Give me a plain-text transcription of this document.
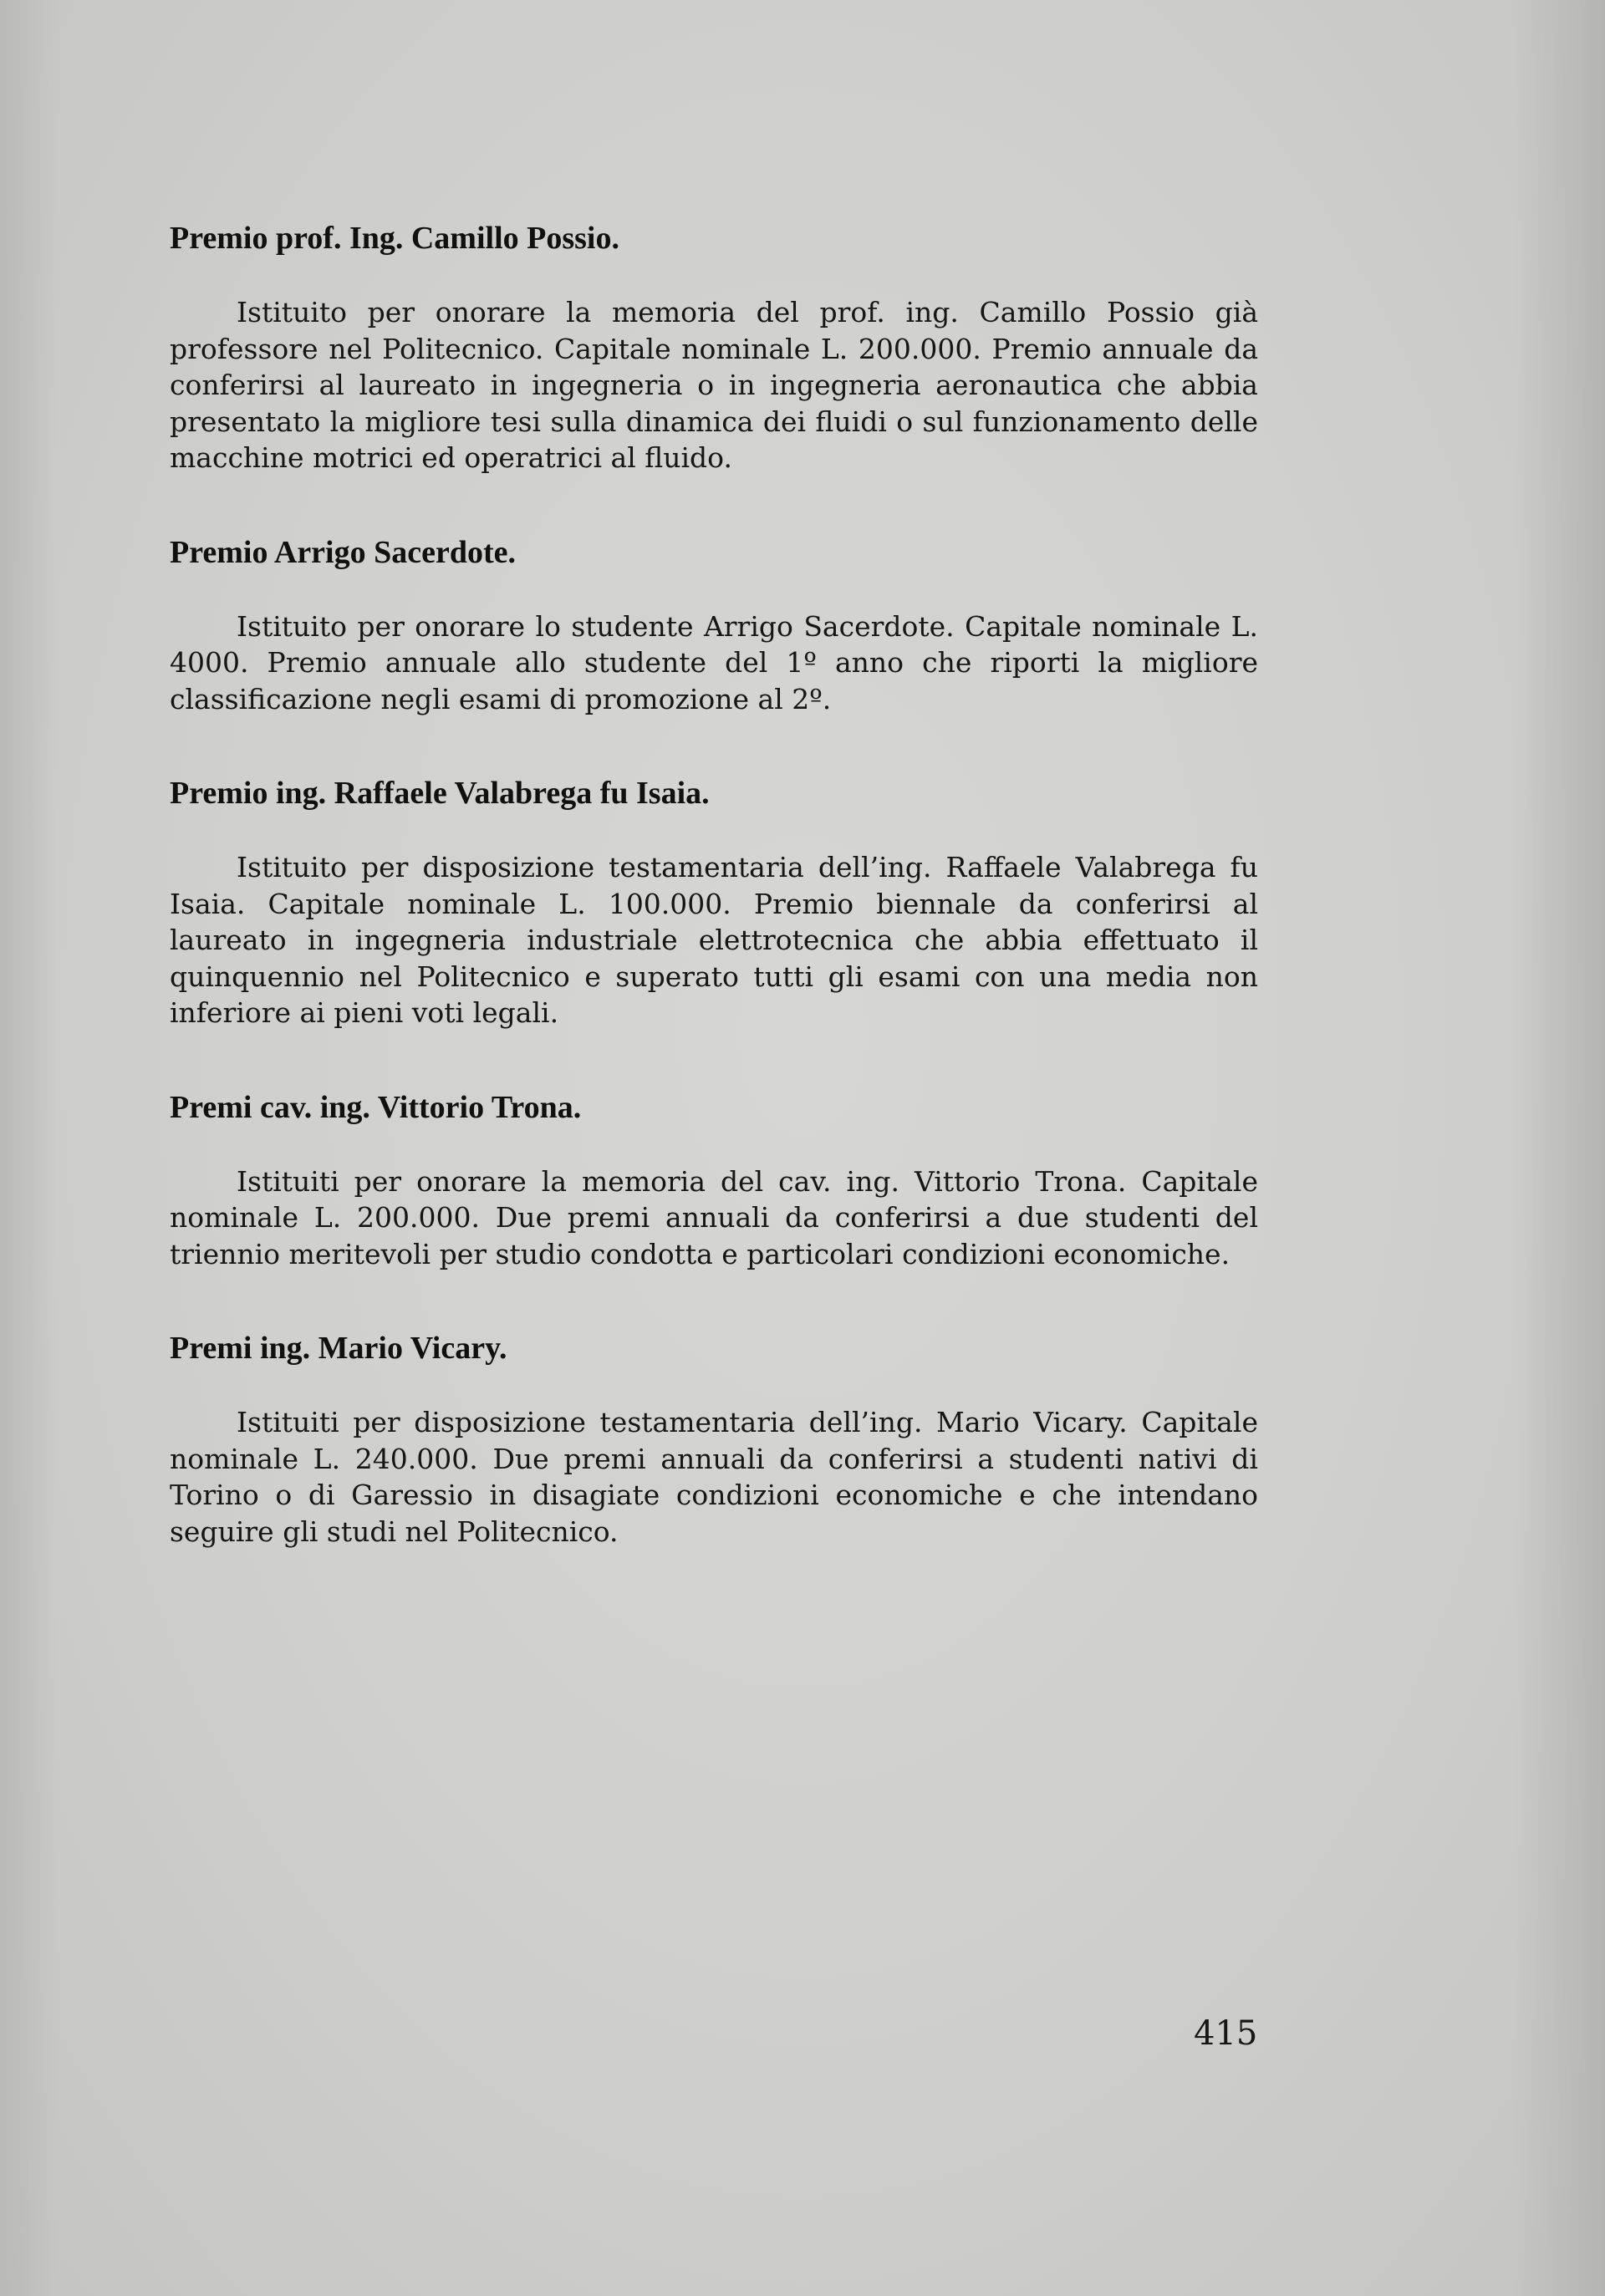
Premio prof. Ing. Camillo Possio.

Istituito per onorare la memoria del prof. ing. Camillo Possio già professore nel Politecnico. Capitale nominale L. 200.000. Premio annuale da conferirsi al laureato in ingegneria o in ingegneria aeronautica che abbia presentato la migliore tesi sulla dinamica dei fluidi o sul funzionamento delle macchine motrici ed operatrici al fluido.

Premio Arrigo Sacerdote.

Istituito per onorare lo studente Arrigo Sacerdote. Capitale nominale L. 4000. Premio annuale allo studente del 1º anno che riporti la migliore classificazione negli esami di promozione al 2º.

Premio ing. Raffaele Valabrega fu Isaia.

Istituito per disposizione testamentaria dell’ing. Raffaele Valabrega fu Isaia. Capitale nominale L. 100.000. Premio biennale da conferirsi al laureato in ingegneria industriale elettrotecnica che abbia effettuato il quinquennio nel Politecnico e superato tutti gli esami con una media non inferiore ai pieni voti legali.

Premi cav. ing. Vittorio Trona.

Istituiti per onorare la memoria del cav. ing. Vittorio Trona. Capitale nominale L. 200.000. Due premi annuali da conferirsi a due studenti del triennio meritevoli per studio condotta e particolari condizioni economiche.

Premi ing. Mario Vicary.

Istituiti per disposizione testamentaria dell’ing. Mario Vicary. Capitale nominale L. 240.000. Due premi annuali da conferirsi a studenti nativi di Torino o di Garessio in disagiate condizioni economiche e che intendano seguire gli studi nel Politecnico.

415
